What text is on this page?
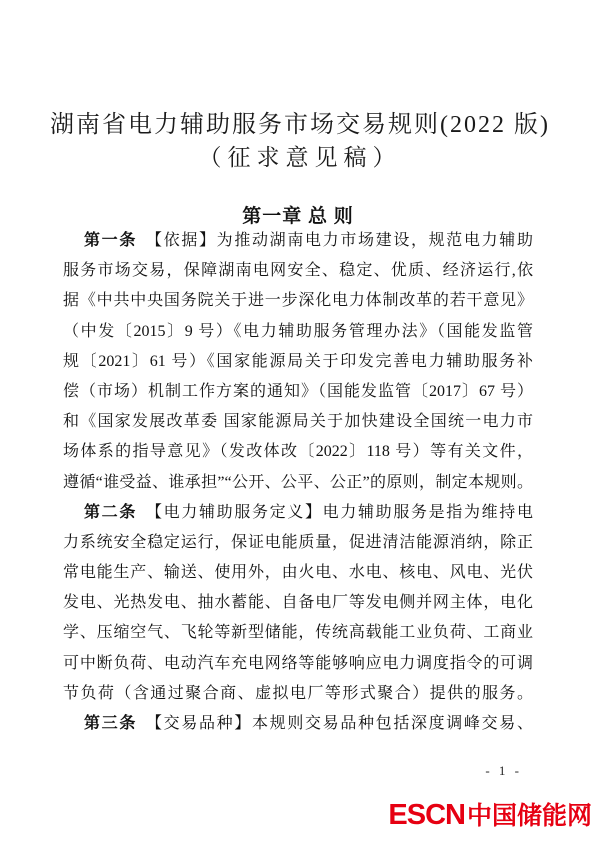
湖南省电力辅助服务市场交易规则(2022 版)
（征求意见稿）
第一章 总 则
第一条 【依据】为推动湖南电力市场建设，规范电力辅助
服务市场交易，保障湖南电网安全、稳定、优质、经济运行,依
据《中共中央国务院关于进一步深化电力体制改革的若干意见》
（中发〔2015〕9 号）《电力辅助服务管理办法》（国能发监管
规〔2021〕61 号）《国家能源局关于印发完善电力辅助服务补
偿（市场）机制工作方案的通知》（国能发监管〔2017〕67 号）
和《国家发展改革委 国家能源局关于加快建设全国统一电力市
场体系的指导意见》（发改体改〔2022〕118 号）等有关文件，
遵循“谁受益、谁承担”“公开、公平、公正”的原则，制定本规则。
第二条 【电力辅助服务定义】电力辅助服务是指为维持电
力系统安全稳定运行，保证电能质量，促进清洁能源消纳，除正
常电能生产、输送、使用外，由火电、水电、核电、风电、光伏
发电、光热发电、抽水蓄能、自备电厂等发电侧并网主体，电化
学、压缩空气、飞轮等新型储能，传统高载能工业负荷、工商业
可中断负荷、电动汽车充电网络等能够响应电力调度指令的可调
节负荷（含通过聚合商、虚拟电厂等形式聚合）提供的服务。
第三条 【交易品种】本规则交易品种包括深度调峰交易、
- 1 -
ESCN 中国储能网
